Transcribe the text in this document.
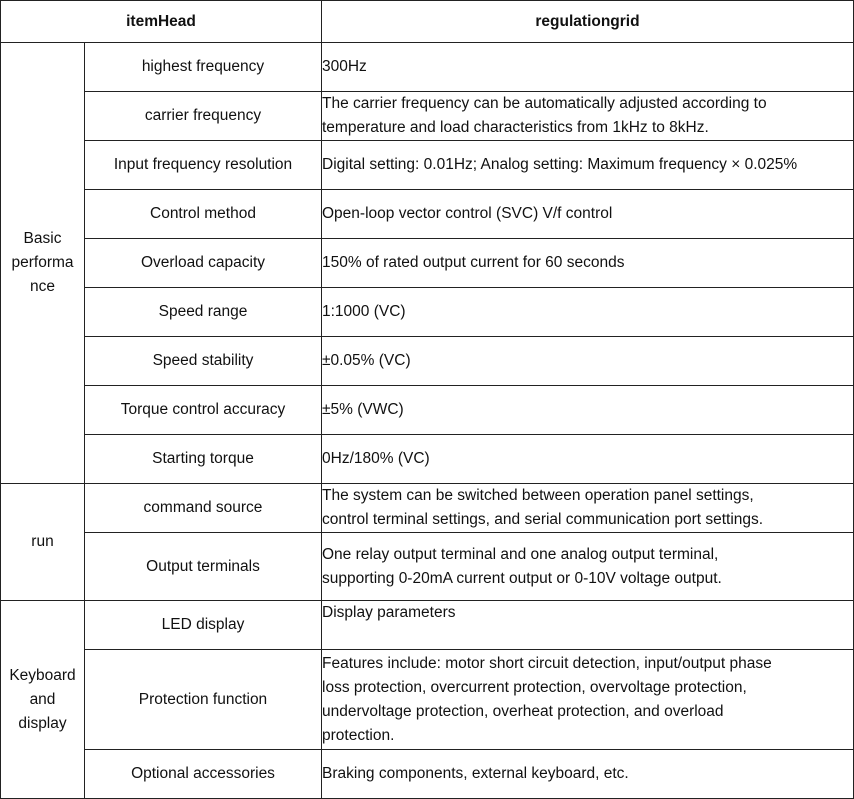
itemHead		regulationgrid

Basic
performa
nce	highest frequency	300Hz
	carrier frequency	The carrier frequency can be automatically adjusted according to
temperature and load characteristics from 1kHz to 8kHz.

	Input frequency resolution	Digital setting: 0.01Hz; Analog setting: Maximum frequency × 0.025%
	Control method	Open-loop vector control (SVC) V/f control
	Overload capacity	150% of rated output current for 60 seconds
	Speed range	1:1000 (VC)
	Speed stability	±0.05% (VC)
	Torque control accuracy	±5% (VWC)
	Starting torque	0Hz/180% (VC)
run	command source	The system can be switched between operation panel settings,
control terminal settings, and serial communication port settings.

	Output terminals	One relay output terminal and one analog output terminal,
supporting 0-20mA current output or 0-10V voltage output.

Keyboard
and
display	LED display	Display parameters
	Protection function	Features include: motor short circuit detection, input/output phase
loss protection, overcurrent protection, overvoltage protection,
undervoltage protection, overheat protection, and overload
protection.

	Optional accessories	Braking components, external keyboard, etc.
